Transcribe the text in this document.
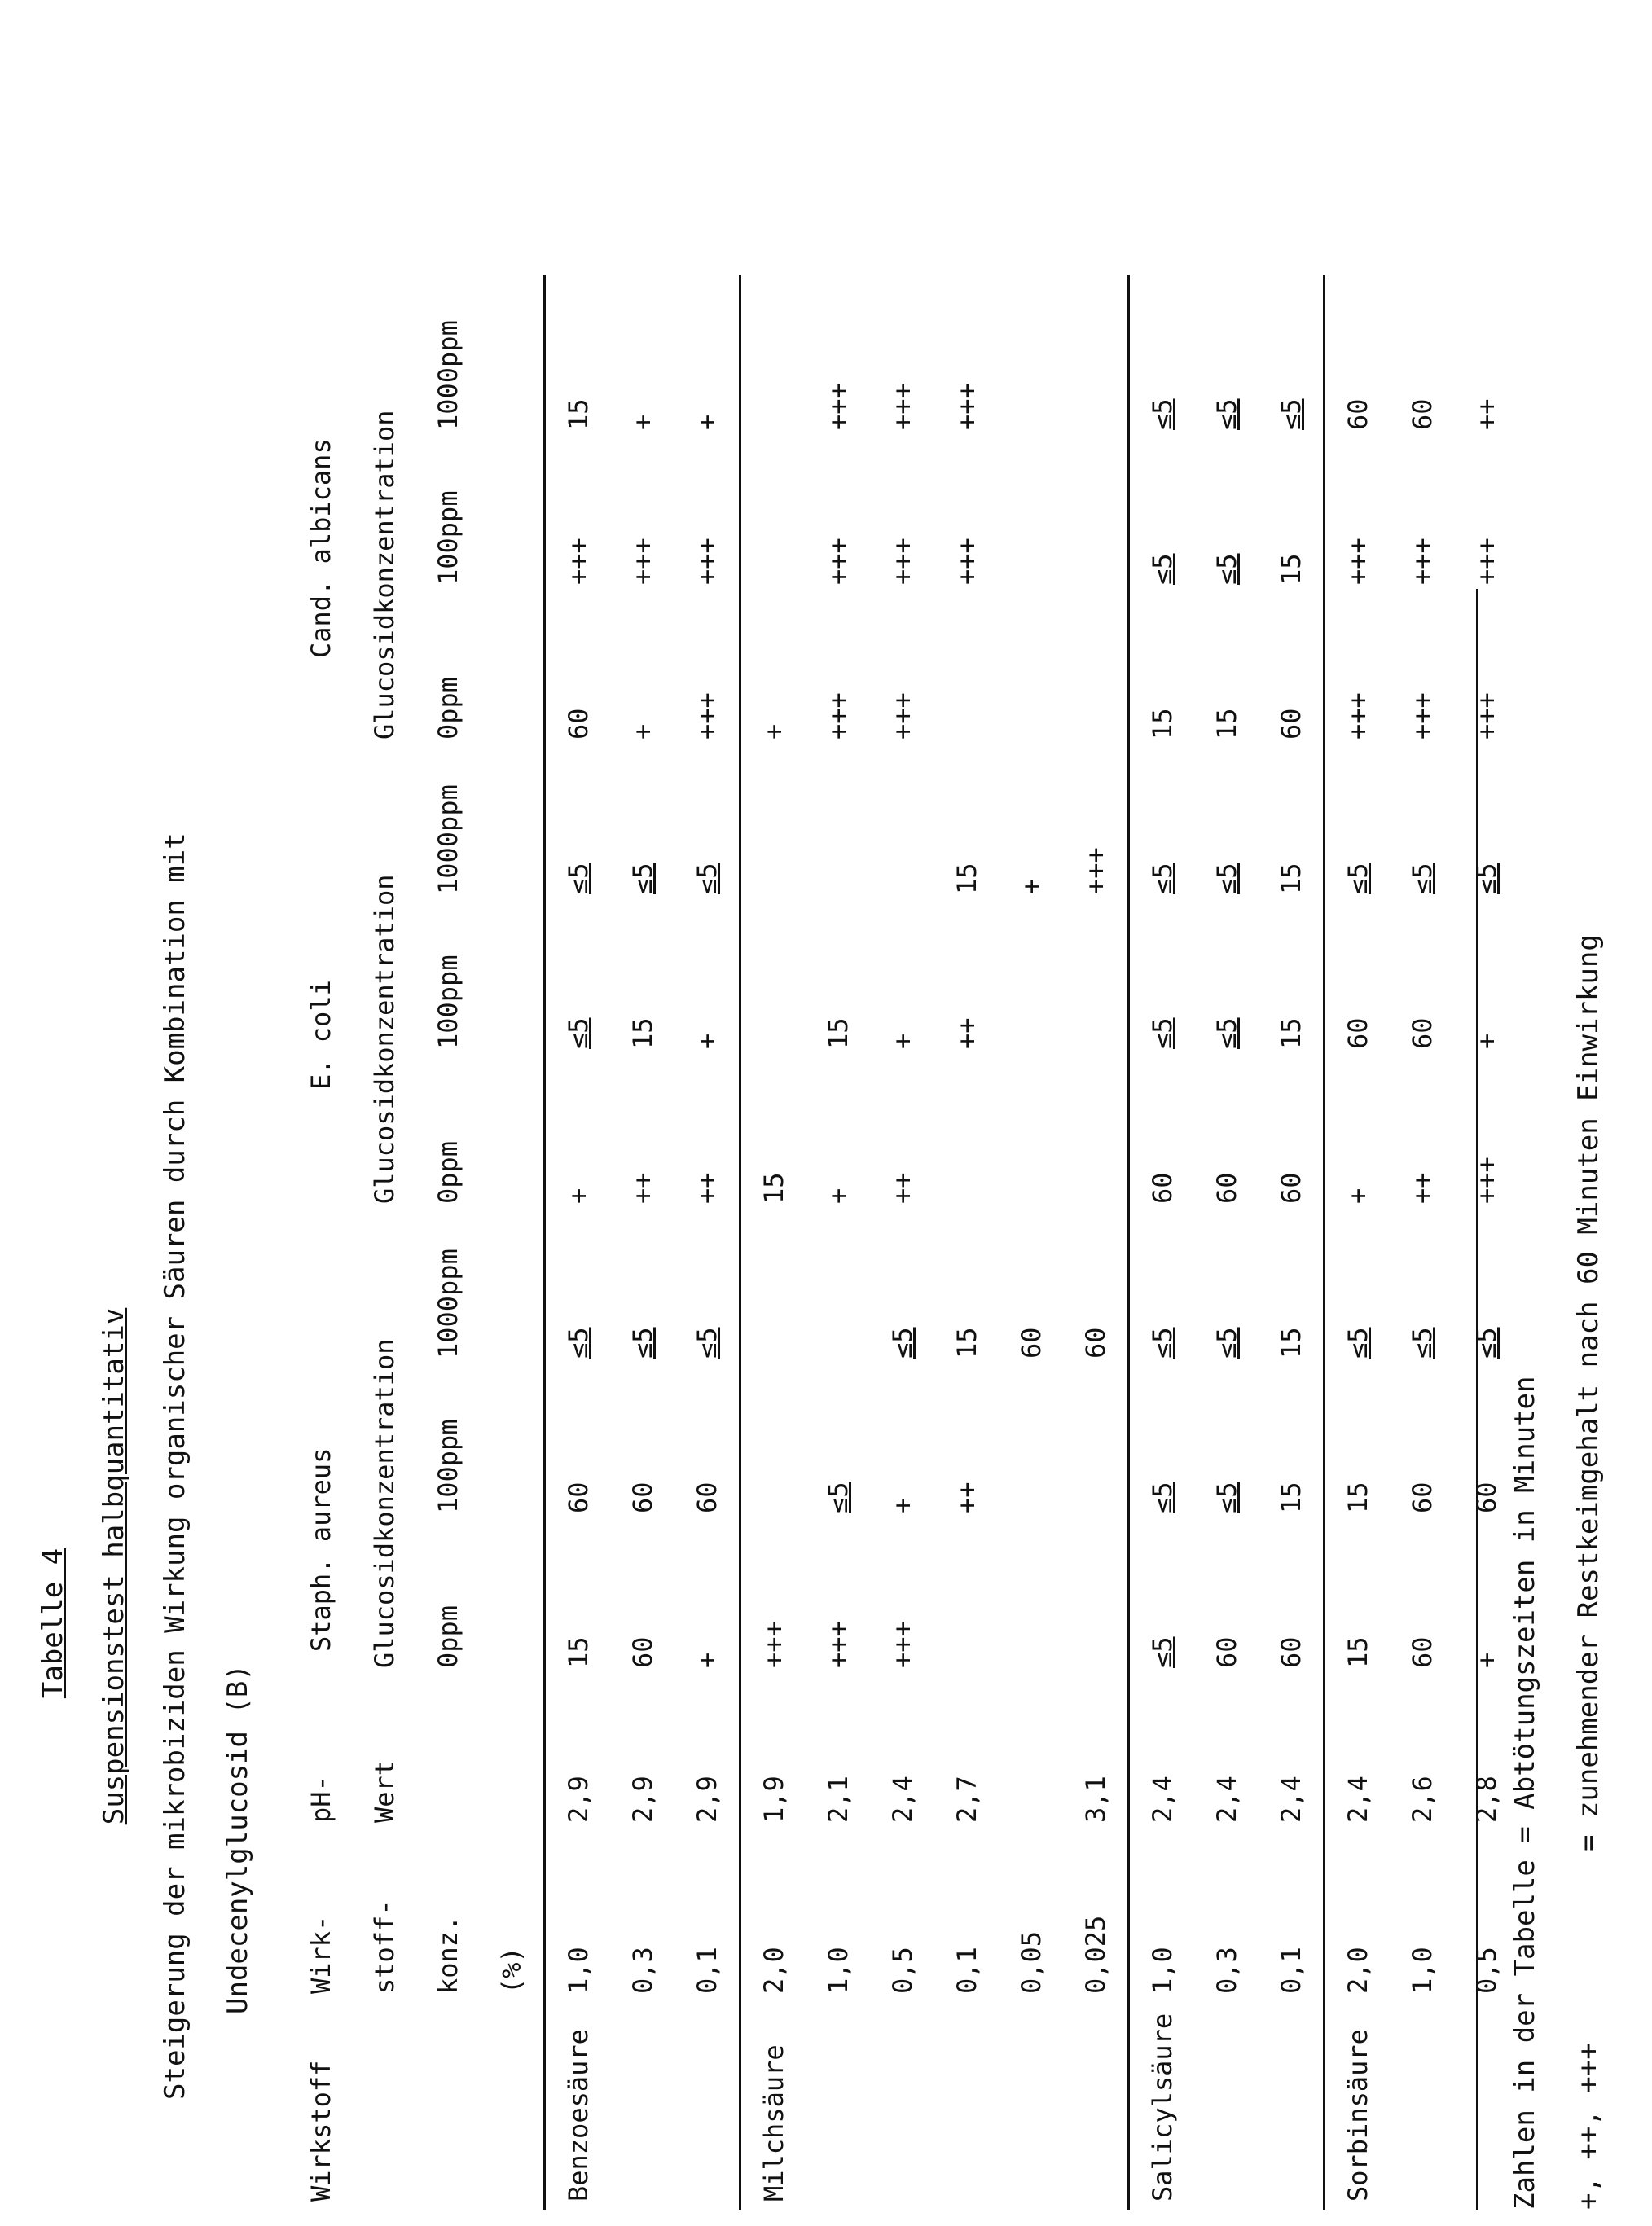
Tabelle 4 Suspensionstest halbquantitativ Steigerung der mikrobiziden Wirkung organischer Säuren durch Kombination mit Undecenylglucosid (B)
Wirkstoff	Wirk-	pH-	Staph. aureus			E. coli			Cand. albicans		
	stoff-	Wert	Glucosidkonzentration			Glucosidkonzentration			Glucosidkonzentration		
	konz.		0ppm	100ppm	1000ppm	0ppm	100ppm	1000ppm	0ppm	100ppm	1000ppm
	(%)										
Benzoesäure	1,0	2,9	15	60	≤5	+	≤5	≤5	60	+++	15
	0,3	2,9	60	60	≤5	++	15	≤5	+	+++	+
	0,1	2,9	+	60	≤5	++	+	≤5	+++	+++	+
Milchsäure	2,0	1,9	+++			15			+		
	1,0	2,1	+++	≤5		+	15		+++	+++	+++
	0,5	2,4	+++	+	≤5	++	+		+++	+++	+++
	0,1	2,7		++	15		++	15		+++	+++
	0,05				60			+			
	0,025	3,1			60			+++			
Salicylsäure	1,0	2,4	≤5	≤5	≤5	60	≤5	≤5	15	≤5	≤5
	0,3	2,4	60	≤5	≤5	60	≤5	≤5	15	≤5	≤5
	0,1	2,4	60	15	15	60	15	15	60	15	≤5
Sorbinsäure	2,0	2,4	15	15	≤5	+	60	≤5	+++	+++	60
	1,0	2,6	60	60	≤5	++	60	≤5	+++	+++	60
	0,5	2,8	+	60	≤5	+++	+	≤5	+++	+++	++
Zahlen in der Tabelle = Abtötungszeiten in Minuten +, ++, +++
= zunehmender Restkeimgehalt nach 60 Minuten Einwirkung
